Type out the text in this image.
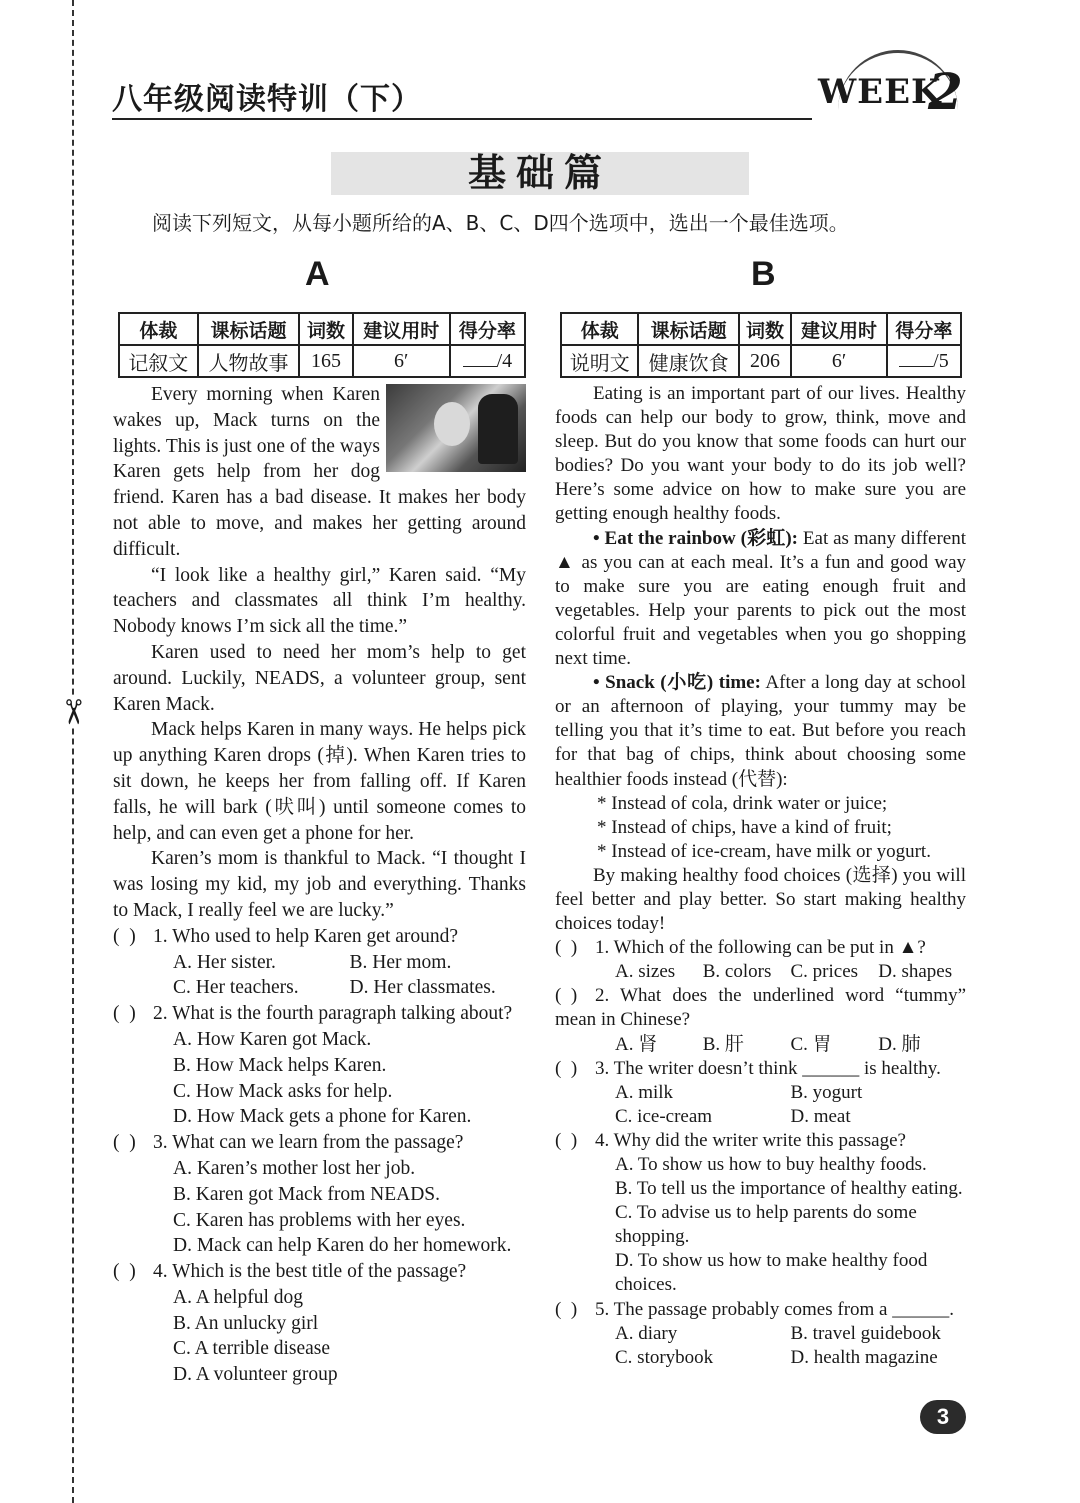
✂
八年级阅读特训（下）	WEEK
2
基础篇
阅读下列短文，从每小题所给的A、B、C、D四个选项中，选出一个最佳选项。
A	B
体裁	课标话题	词数	建议用时	得分率
记叙文	人物故事	165	6′	/4
体裁	课标话题	词数	建议用时	得分率
说明文	健康饮食	206	6′	/5

Every morning when Karen wakes up, Mack turns on the lights. This is just one of the ways Karen gets help from her dog friend. Karen has a bad disease. It makes her body not able to move, and makes her getting around difficult.

“I look like a healthy girl,” Karen said. “My teachers and classmates all think I’m healthy. Nobody knows I’m sick all the time.”

Karen used to need her mom’s help to get around. Luckily, NEADS, a volunteer group, sent Karen Mack.

Mack helps Karen in many ways. He helps pick up anything Karen drops (掉). When Karen tries to sit down, he keeps her from falling off. If Karen falls, he will bark (吠叫) until someone comes to help, and can even get a phone for her.

Karen’s mom is thankful to Mack. “I thought I was losing my kid, my job and everything. Thanks to Mack, I really feel we are lucky.”

(  ) 1. Who used to help Karen get around?

A. Her sister.	B. Her mom.
C. Her teachers.	D. Her classmates.

(  ) 2. What is the fourth paragraph talking about?

A. How Karen got Mack.
B. How Mack helps Karen.
C. How Mack asks for help.
D. How Mack gets a phone for Karen.

(  ) 3. What can we learn from the passage?

A. Karen’s mother lost her job.
B. Karen got Mack from NEADS.
C. Karen has problems with her eyes.
D. Mack can help Karen do her homework.

(  ) 4. Which is the best title of the passage?

A. A helpful dog
B. An unlucky girl
C. A terrible disease
D. A volunteer group

Eating is an important part of our lives. Healthy foods can help our body to grow, think, move and sleep. But do you know that some foods can hurt our bodies? Do you want your body to do its job well? Here’s some advice on how to make sure you are getting enough healthy foods.

• Eat the rainbow (彩虹): Eat as many different ▲ as you can at each meal. It’s a fun and good way to make sure you are eating enough fruit and vegetables. Help your parents to pick out the most colorful fruit and vegetables when you go shopping next time.

• Snack (小吃) time: After a long day at school or an afternoon of playing, your tummy may be telling you that it’s time to eat. But before you reach for that bag of chips, think about choosing some healthier foods instead (代替):

* Instead of cola, drink water or juice;

* Instead of chips, have a kind of fruit;

* Instead of ice-cream, have milk or yogurt.

By making healthy food choices (选择) you will feel better and play better. So start making healthy choices today!

(  ) 1. Which of the following can be put in ▲?

A. sizes	B. colors	C. prices	D. shapes

(  ) 2. What does the underlined word “tummy” mean in Chinese?

A. 肾	B. 肝	C. 胃	D. 肺

(  ) 3. The writer doesn’t think ______ is healthy.

A. milk	B. yogurt
C. ice-cream	D. meat

(  ) 4. Why did the writer write this passage?

A. To show us how to buy healthy foods.
B. To tell us the importance of healthy eating.
C. To advise us to help parents do some shopping.
D. To show us how to make healthy food choices.

(  ) 5. The passage probably comes from a ______.

A. diary	B. travel guidebook
C. storybook	D. health magazine
3
